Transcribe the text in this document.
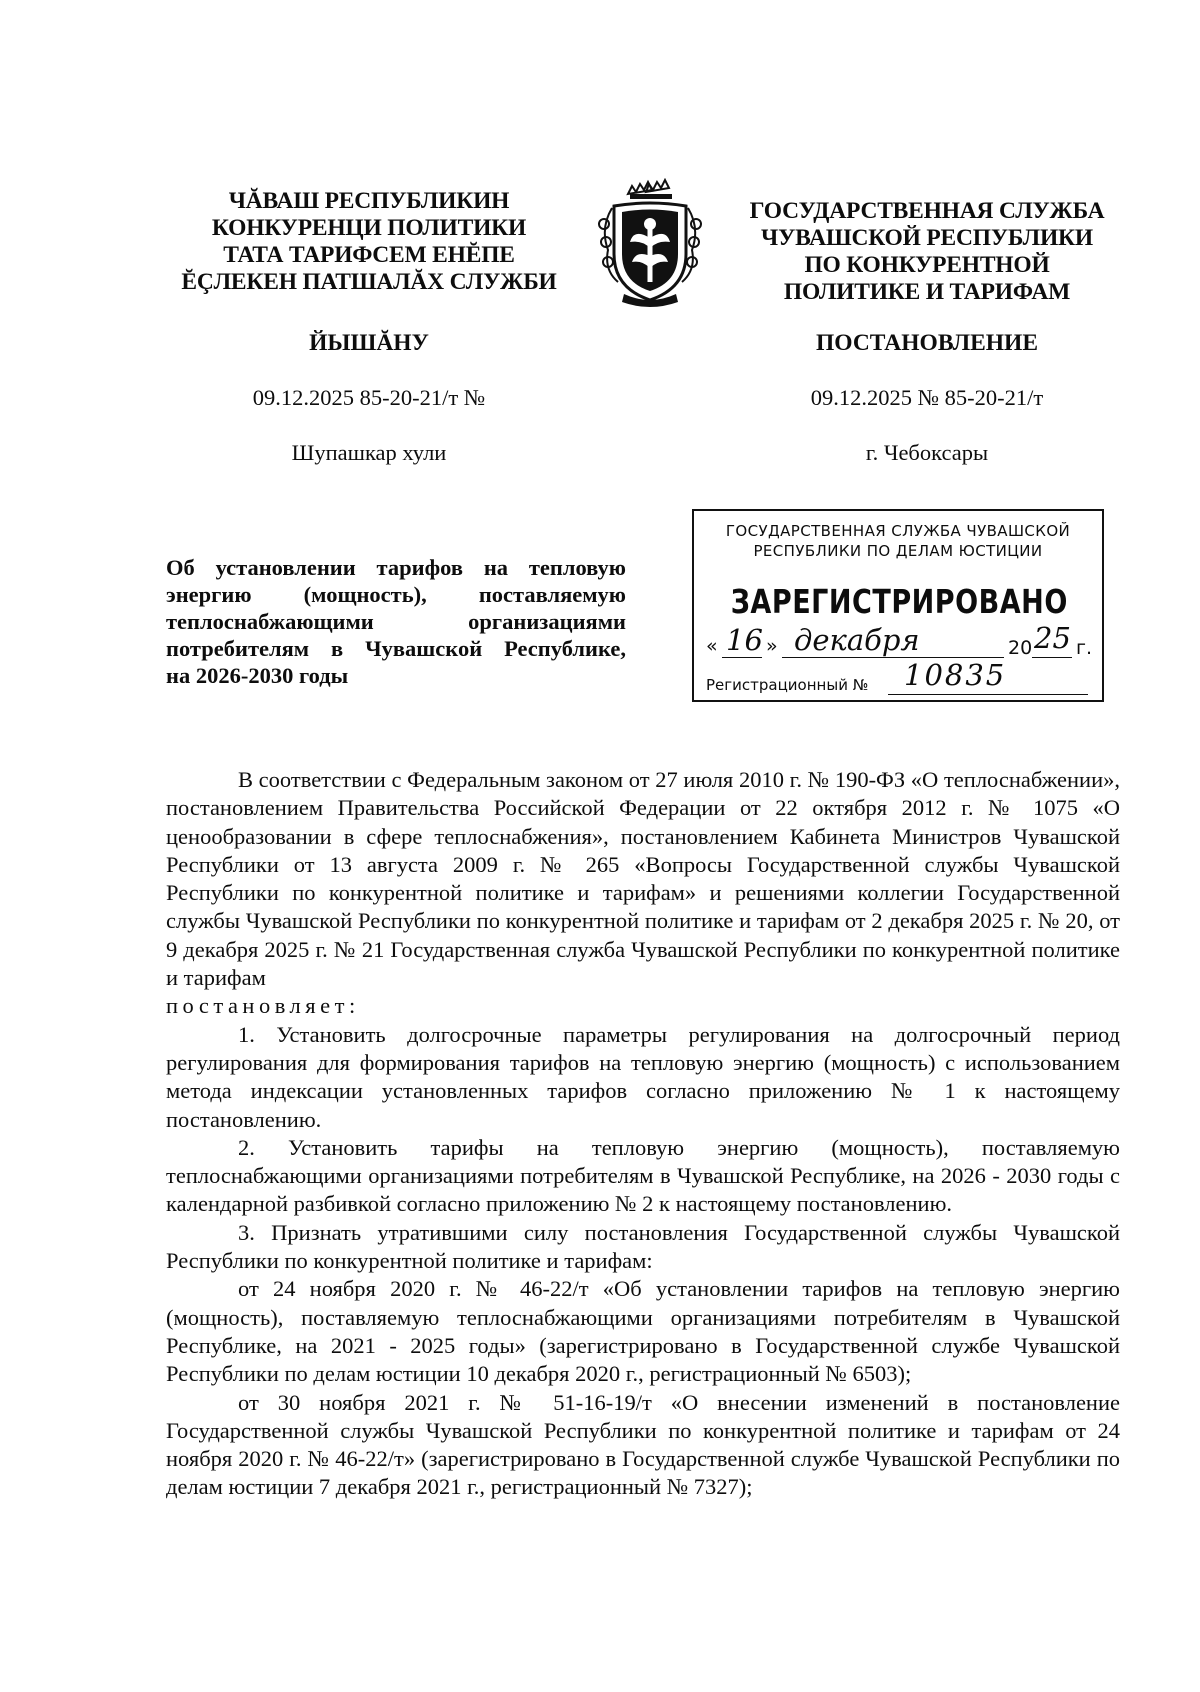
ЧĂВАШ РЕСПУБЛИКИН
КОНКУРЕНЦИ ПОЛИТИКИ
ТАТА ТАРИФСЕМ ЕНĔПЕ
ĔÇЛЕКЕН ПАТШАЛĂХ СЛУЖБИ
ГОСУДАРСТВЕННАЯ СЛУЖБА
ЧУВАШСКОЙ РЕСПУБЛИКИ
ПО КОНКУРЕНТНОЙ
ПОЛИТИКЕ И ТАРИФАМ
ЙЫШĂНУ	ПОСТАНОВЛЕНИЕ
09.12.2025 85-20-21/т №	09.12.2025 № 85-20-21/т
Шупашкар хули	г. Чебоксары
ГОСУДАРСТВЕННАЯ СЛУЖБА ЧУВАШСКОЙ
РЕСПУБЛИКИ ПО ДЕЛАМ ЮСТИЦИИ
ЗАРЕГИСТРИРОВАНО
« 16 » декабря	20 25 г.
Регистрационный № 10835
Об установлении тарифов на тепловую
энергию (мощность), поставляемую
теплоснабжающими организациями
потребителям в Чувашской Республике,
на 2026-2030 годы

В соответствии с Федеральным законом от 27 июля 2010 г. № 190-ФЗ «О теплоснабжении», постановлением Правительства Российской Федерации от 22 октября 2012 г. № 1075 «О ценообразовании в сфере теплоснабжения», постановлением Кабинета Министров Чувашской Республики от 13 августа 2009 г. № 265 «Вопросы Государственной службы Чувашской Республики по конкурентной политике и тарифам» и решениями коллегии Государственной службы Чувашской Республики по конкурентной политике и тарифам от 2 декабря 2025 г. № 20, от 9 декабря 2025 г. № 21 Государственная служба Чувашской Республики по конкурентной политике и тарифам

постановляет:

1. Установить долгосрочные параметры регулирования на долгосрочный период регулирования для формирования тарифов на тепловую энергию (мощность) с использованием метода индексации установленных тарифов согласно приложению № 1 к настоящему постановлению.

2. Установить тарифы на тепловую энергию (мощность), поставляемую теплоснабжающими организациями потребителям в Чувашской Республике, на 2026 - 2030 годы с календарной разбивкой согласно приложению № 2 к настоящему постановлению.

3. Признать утратившими силу постановления Государственной службы Чувашской Республики по конкурентной политике и тарифам:

от 24 ноября 2020 г. № 46-22/т «Об установлении тарифов на тепловую энергию (мощность), поставляемую теплоснабжающими организациями потребителям в Чувашской Республике, на 2021 - 2025 годы» (зарегистрировано в Государственной службе Чувашской Республики по делам юстиции 10 декабря 2020 г., регистрационный № 6503);

от 30 ноября 2021 г. № 51-16-19/т «О внесении изменений в постановление Государственной службы Чувашской Республики по конкурентной политике и тарифам от 24 ноября 2020 г. № 46-22/т» (зарегистрировано в Государственной службе Чувашской Республики по делам юстиции 7 декабря 2021 г., регистрационный № 7327);
